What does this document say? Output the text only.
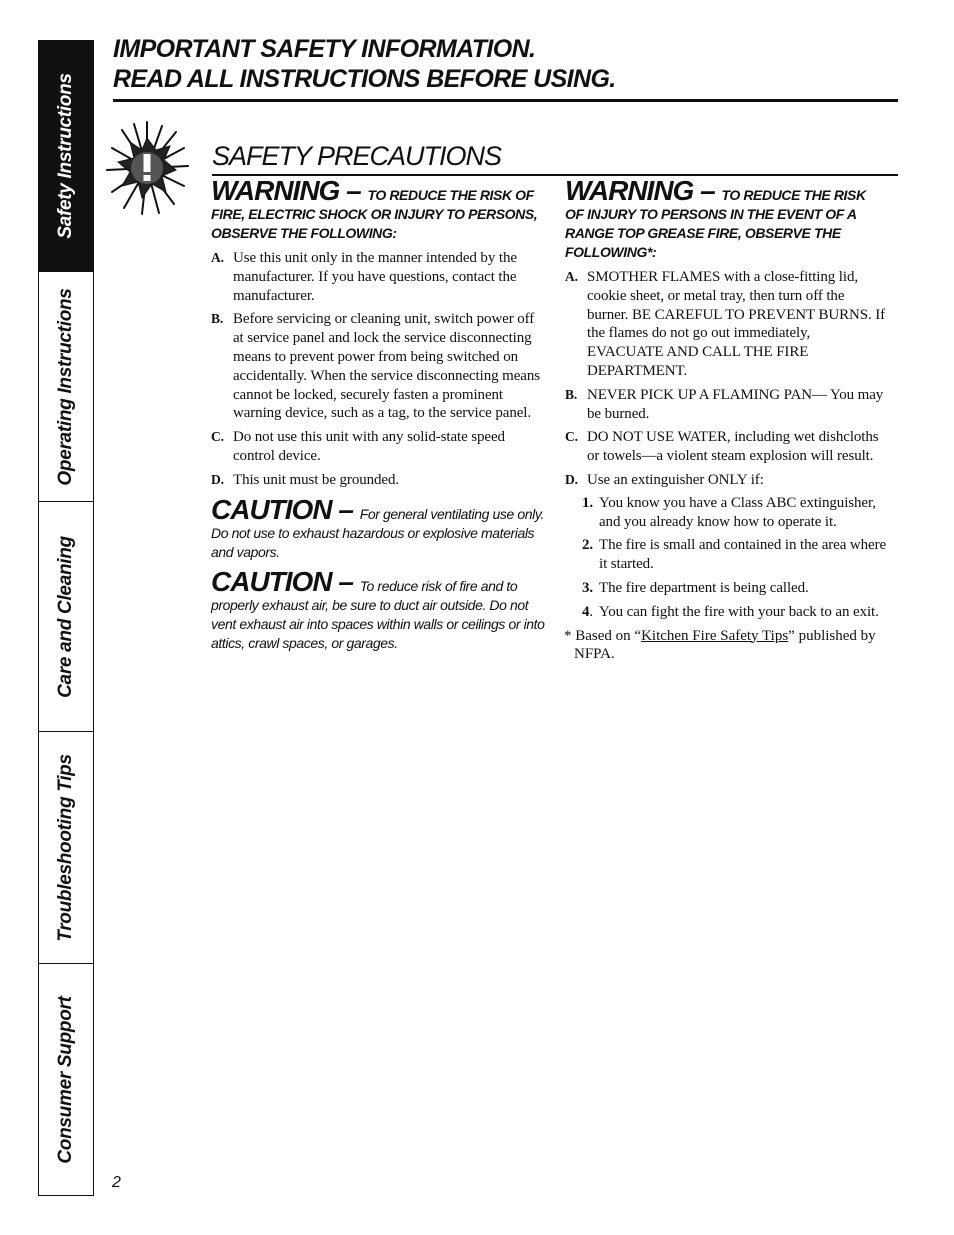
Safety Instructions
Operating Instructions
Care and Cleaning
Troubleshooting Tips
Consumer Support
IMPORTANT SAFETY INFORMATION.
READ ALL INSTRUCTIONS BEFORE USING.
SAFETY PRECAUTIONS

WARNING – TO REDUCE THE RISK OF FIRE, ELECTRIC SHOCK OR INJURY TO PERSONS, OBSERVE THE FOLLOWING:

A. Use this unit only in the manner intended by the manufacturer. If you have questions, contact the manufacturer.
B. Before servicing or cleaning unit, switch power off at service panel and lock the service disconnecting means to prevent power from being switched on accidentally. When the service disconnecting means cannot be locked, securely fasten a prominent warning device, such as a tag, to the service panel.
C. Do not use this unit with any solid-state speed control device.
D. This unit must be grounded.

CAUTION – For general ventilating use only. Do not use to exhaust hazardous or explosive materials and vapors.

CAUTION – To reduce risk of fire and to properly exhaust air, be sure to duct air outside. Do not vent exhaust air into spaces within walls or ceilings or into attics, crawl spaces, or garages.

WARNING – TO REDUCE THE RISK OF INJURY TO PERSONS IN THE EVENT OF A RANGE TOP GREASE FIRE, OBSERVE THE FOLLOWING*:

A. SMOTHER FLAMES with a close-fitting lid, cookie sheet, or metal tray, then turn off the burner. BE CAREFUL TO PREVENT BURNS. If the flames do not go out immediately, EVACUATE AND CALL THE FIRE DEPARTMENT.
B. NEVER PICK UP A FLAMING PAN— You may be burned.
C. DO NOT USE WATER, including wet dishcloths or towels—a violent steam explosion will result.
D. Use an extinguisher ONLY if:
1. You know you have a Class ABC extinguisher, and you already know how to operate it.
2. The fire is small and contained in the area where it started.
3. The fire department is being called.
4. You can fight the fire with your back to an exit.

* Based on “Kitchen Fire Safety Tips” published by NFPA.

2
